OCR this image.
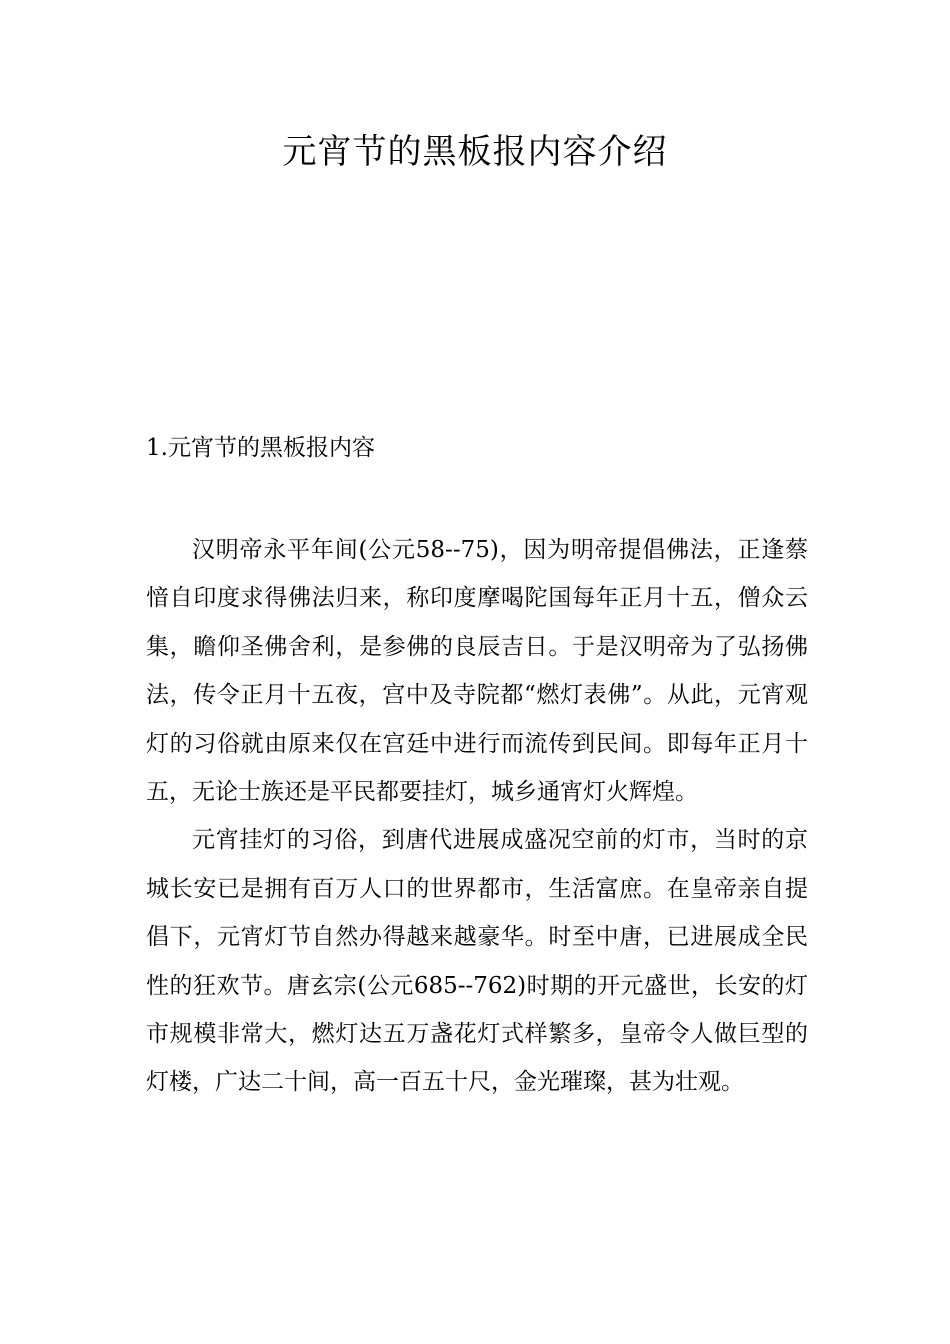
元宵节的黑板报内容介绍
1.元宵节的黑板报内容

汉明帝永平年间(公元58--75)，因为明帝提倡佛法，正逢蔡愔自印度求得佛法归来，称印度摩喝陀国每年正月十五，僧众云集，瞻仰圣佛舍利，是参佛的良辰吉日。于是汉明帝为了弘扬佛法，传令正月十五夜，宫中及寺院都“燃灯表佛”。从此，元宵观灯的习俗就由原来仅在宫廷中进行而流传到民间。即每年正月十五，无论士族还是平民都要挂灯，城乡通宵灯火辉煌。

元宵挂灯的习俗，到唐代进展成盛况空前的灯市，当时的京城长安已是拥有百万人口的世界都市，生活富庶。在皇帝亲自提倡下，元宵灯节自然办得越来越豪华。时至中唐，已进展成全民性的狂欢节。唐玄宗(公元685--762)时期的开元盛世，长安的灯市规模非常大，燃灯达五万盏花灯式样繁多，皇帝令人做巨型的灯楼，广达二十间，高一百五十尺，金光璀璨，甚为壮观。
